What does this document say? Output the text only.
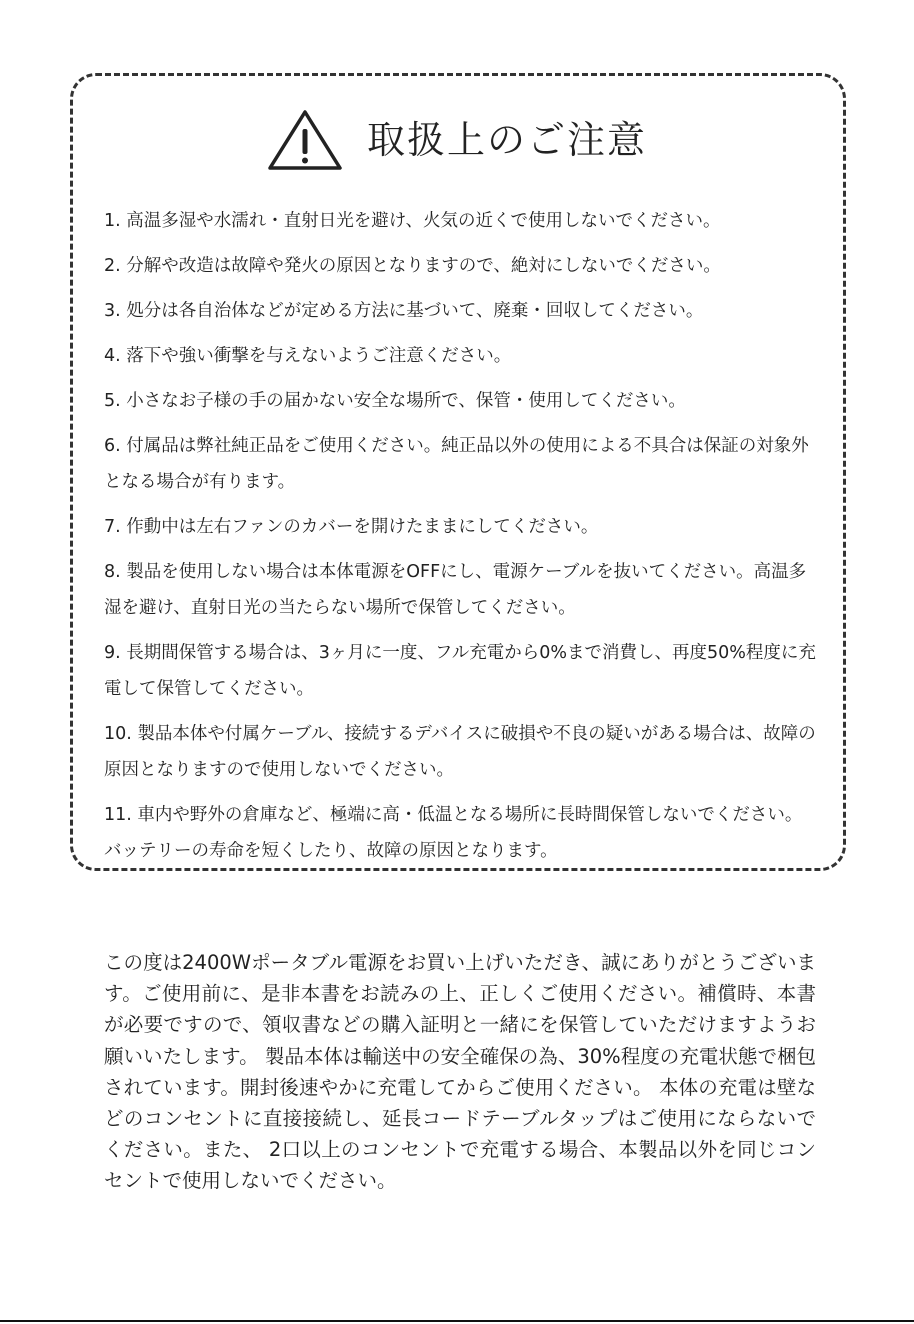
取扱上のご注意
1. 高温多湿や水濡れ・直射日光を避け、火気の近くで使用しないでください。
2. 分解や改造は故障や発火の原因となりますので、絶対にしないでください。
3. 処分は各自治体などが定める方法に基づいて、廃棄・回収してください。
4. 落下や強い衝撃を与えないようご注意ください。
5. 小さなお子様の手の届かない安全な場所で、保管・使用してください。
6. 付属品は弊社純正品をご使用ください。純正品以外の使用による不具合は保証の対象外となる場合が有ります。
7. 作動中は左右ファンのカバーを開けたままにしてください。
8. 製品を使用しない場合は本体電源をOFFにし、電源ケーブルを抜いてください。高温多湿を避け、直射日光の当たらない場所で保管してください。
9. 長期間保管する場合は、3ヶ月に一度、フル充電から0%まで消費し、再度50%程度に充電して保管してください。
10. 製品本体や付属ケーブル、接続するデバイスに破損や不良の疑いがある場合は、故障の原因となりますので使用しないでください。
11. 車内や野外の倉庫など、極端に高・低温となる場所に長時間保管しないでください。バッテリーの寿命を短くしたり、故障の原因となります。

この度は2400Wポータブル電源をお買い上げいただき、誠にありがとうございます。ご使用前に、是非本書をお読みの上、正しくご使用ください。補償時、本書が必要ですので、領収書などの購入証明と一緒にを保管していただけますようお願いいたします。 製品本体は輸送中の安全確保の為、30%程度の充電状態で梱包されています。開封後速やかに充電してからご使用ください。 本体の充電は壁などのコンセントに直接接続し、延長コードテーブルタップはご使用にならないでください。また、 2口以上のコンセントで充電する場合、本製品以外を同じコンセントで使用しないでください。
